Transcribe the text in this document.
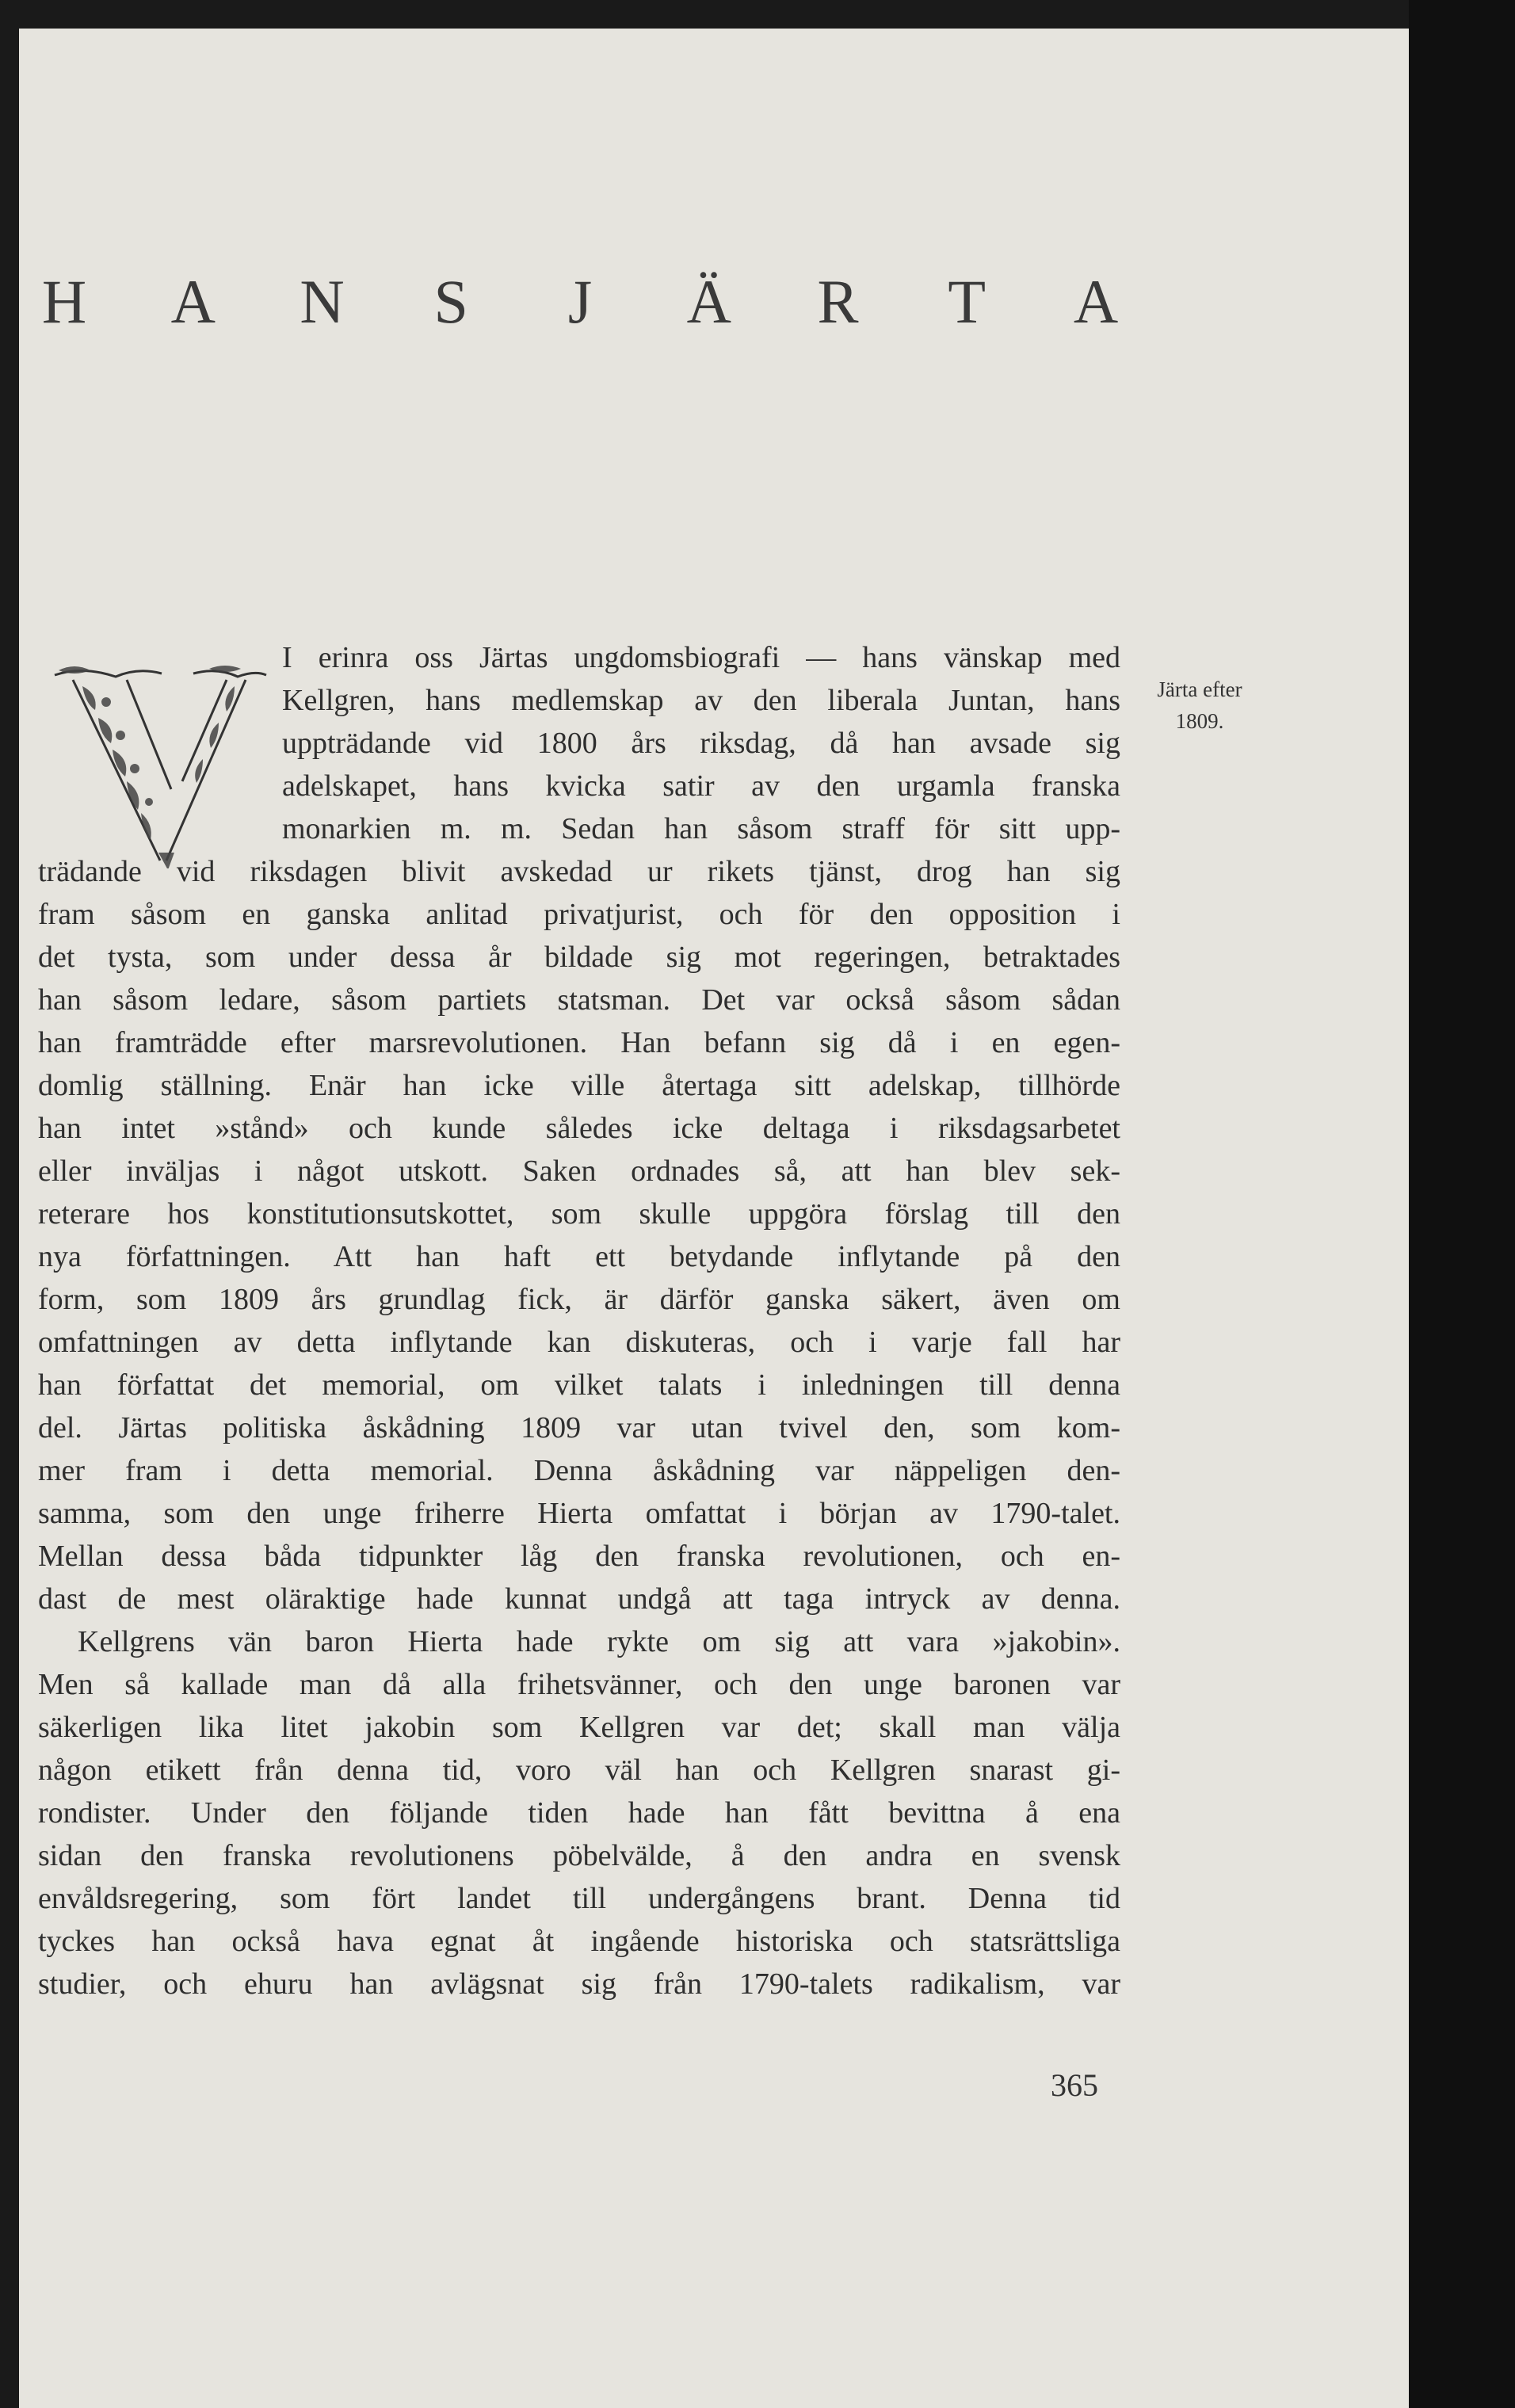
H A N S J Ä R T A
Järta efter
1809.
365
I erinra oss Järtas ungdomsbiografi — hans vänskap med
Kellgren, hans medlemskap av den liberala Juntan, hans
uppträdande vid 1800 års riksdag, då han avsade sig
adelskapet, hans kvicka satir av den urgamla franska
monarkien m. m. Sedan han såsom straff för sitt upp-
trädande vid riksdagen blivit avskedad ur rikets tjänst, drog han sig
fram såsom en ganska anlitad privatjurist, och för den opposition i
det tysta, som under dessa år bildade sig mot regeringen, betraktades
han såsom ledare, såsom partiets statsman. Det var också såsom sådan
han framträdde efter marsrevolutionen. Han befann sig då i en egen-
domlig ställning. Enär han icke ville återtaga sitt adelskap, tillhörde
han intet »stånd» och kunde således icke deltaga i riksdagsarbetet
eller inväljas i något utskott. Saken ordnades så, att han blev sek-
reterare hos konstitutionsutskottet, som skulle uppgöra förslag till den
nya författningen. Att han haft ett betydande inflytande på den
form, som 1809 års grundlag fick, är därför ganska säkert, även om
omfattningen av detta inflytande kan diskuteras, och i varje fall har
han författat det memorial, om vilket talats i inledningen till denna
del. Järtas politiska åskådning 1809 var utan tvivel den, som kom-
mer fram i detta memorial. Denna åskådning var näppeligen den-
samma, som den unge friherre Hierta omfattat i början av 1790-talet.
Mellan dessa båda tidpunkter låg den franska revolutionen, och en-
dast de mest oläraktige hade kunnat undgå att taga intryck av denna.
Kellgrens vän baron Hierta hade rykte om sig att vara »jakobin».
Men så kallade man då alla frihetsvänner, och den unge baronen var
säkerligen lika litet jakobin som Kellgren var det; skall man välja
någon etikett från denna tid, voro väl han och Kellgren snarast gi-
rondister. Under den följande tiden hade han fått bevittna å ena
sidan den franska revolutionens pöbelvälde, å den andra en svensk
envåldsregering, som fört landet till undergångens brant. Denna tid
tyckes han också hava egnat åt ingående historiska och statsrättsliga
studier, och ehuru han avlägsnat sig från 1790-talets radikalism, var
